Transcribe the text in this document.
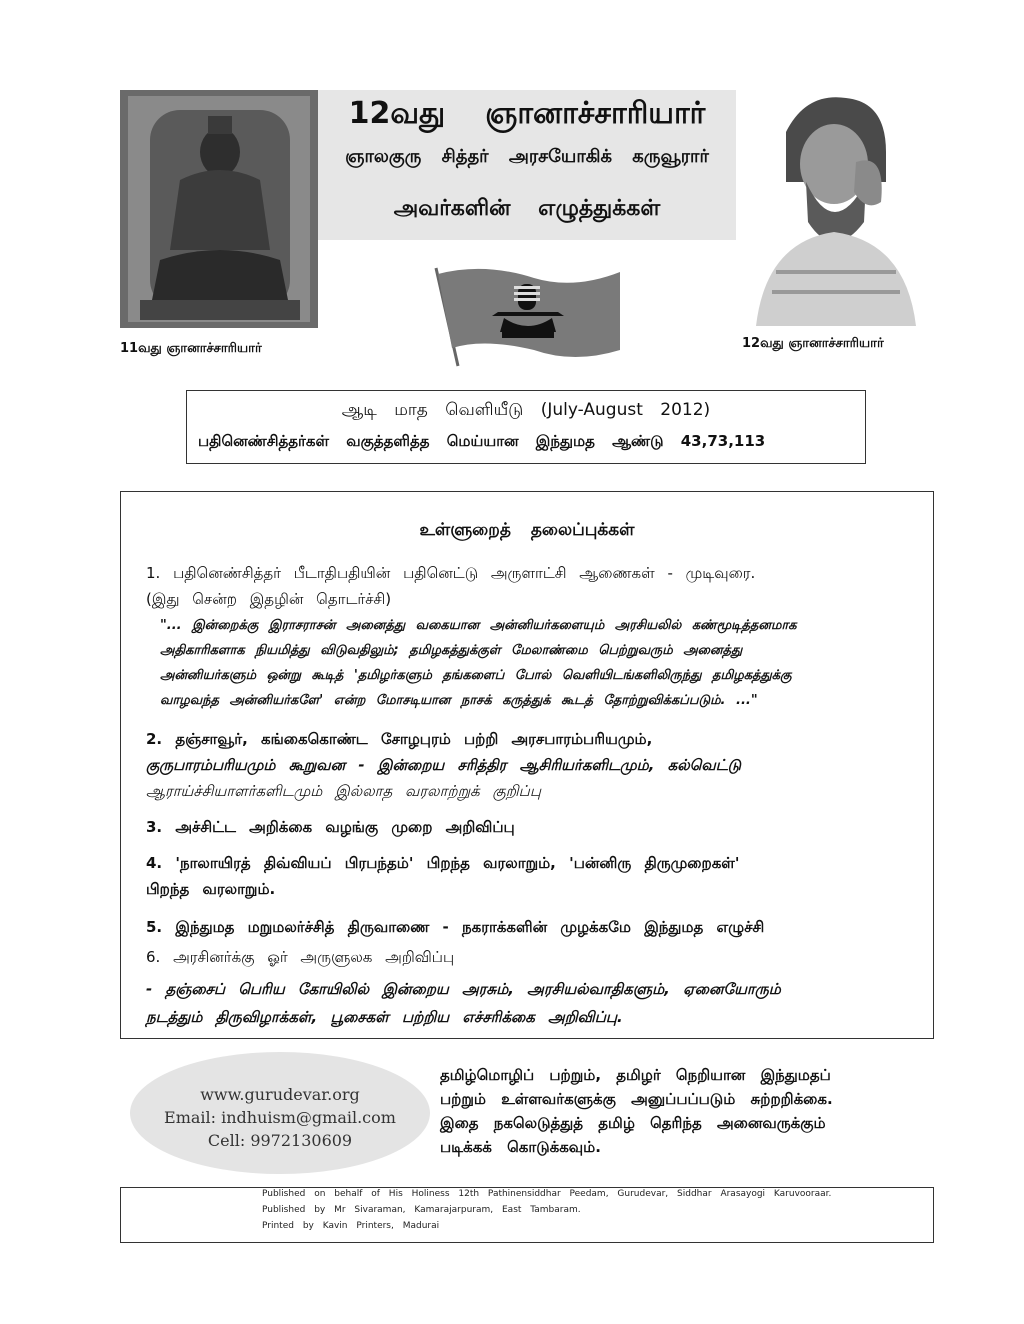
12வது ஞானாச்சாரியார்
ஞாலகுரு சித்தர் அரசயோகிக் கருவூரார்
அவர்களின் எழுத்துக்கள்
11வது ஞானாச்சாரியார்	12வது ஞானாச்சாரியார்
ஆடி மாத வெளியீடு (July-August 2012)
பதினெண்சித்தர்கள் வகுத்தளித்த மெய்யான இந்துமத ஆண்டு 43,73,113
உள்ளுறைத் தலைப்புக்கள்
1. பதினெண்சித்தர் பீடாதிபதியின் பதினெட்டு அருளாட்சி ஆணைகள் - முடிவுரை.
(இது சென்ற இதழின் தொடர்ச்சி)
"... இன்றைக்கு இராசராசன் அனைத்து வகையான அன்னியர்களையும் அரசியலில் கண்மூடித்தனமாக
அதிகாரிகளாக நியமித்து விடுவதிலும்; தமிழகத்துக்குள் மேலாண்மை பெற்றுவரும் அனைத்து
அன்னியர்களும் ஒன்று கூடித் 'தமிழர்களும் தங்களைப் போல் வெளியிடங்களிலிருந்து தமிழகத்துக்கு
வாழவந்த அன்னியர்களே' என்ற மோசடியான நாசக் கருத்துக் கூடத் தோற்றுவிக்கப்படும். ..."
2. தஞ்சாவூர், கங்கைகொண்ட சோழபுரம் பற்றி அரசபாரம்பரியமும்,
குருபாரம்பரியமும் கூறுவன - இன்றைய சரித்திர ஆசிரியர்களிடமும், கல்வெட்டு
ஆராய்ச்சியாளர்களிடமும் இல்லாத வரலாற்றுக் குறிப்பு
3. அச்சிட்ட அறிக்கை வழங்கு முறை அறிவிப்பு
4. 'நாலாயிரத் திவ்வியப் பிரபந்தம்' பிறந்த வரலாறும், 'பன்னிரு திருமுறைகள்'
பிறந்த வரலாறும்.
5. இந்துமத மறுமலர்ச்சித் திருவாணை - நகராக்களின் முழக்கமே இந்துமத எழுச்சி
6. அரசினர்க்கு ஓர் அருளுலக அறிவிப்பு
- தஞ்சைப் பெரிய கோயிலில் இன்றைய அரசும், அரசியல்வாதிகளும், ஏனையோரும்
நடத்தும் திருவிழாக்கள், பூசைகள் பற்றிய எச்சரிக்கை அறிவிப்பு.
www.gurudevar.org
Email: indhuism@gmail.com
Cell: 9972130609
தமிழ்மொழிப் பற்றும், தமிழர் நெறியான இந்துமதப்
பற்றும் உள்ளவர்களுக்கு அனுப்பப்படும் சுற்றறிக்கை.
இதை நகலெடுத்துத் தமிழ் தெரிந்த அனைவருக்கும்
படிக்கக் கொடுக்கவும்.
Published on behalf of His Holiness 12th Pathinensiddhar Peedam, Gurudevar, Siddhar Arasayogi Karuvooraar.
Published by Mr Sivaraman, Kamarajarpuram, East Tambaram.
Printed by Kavin Printers, Madurai
